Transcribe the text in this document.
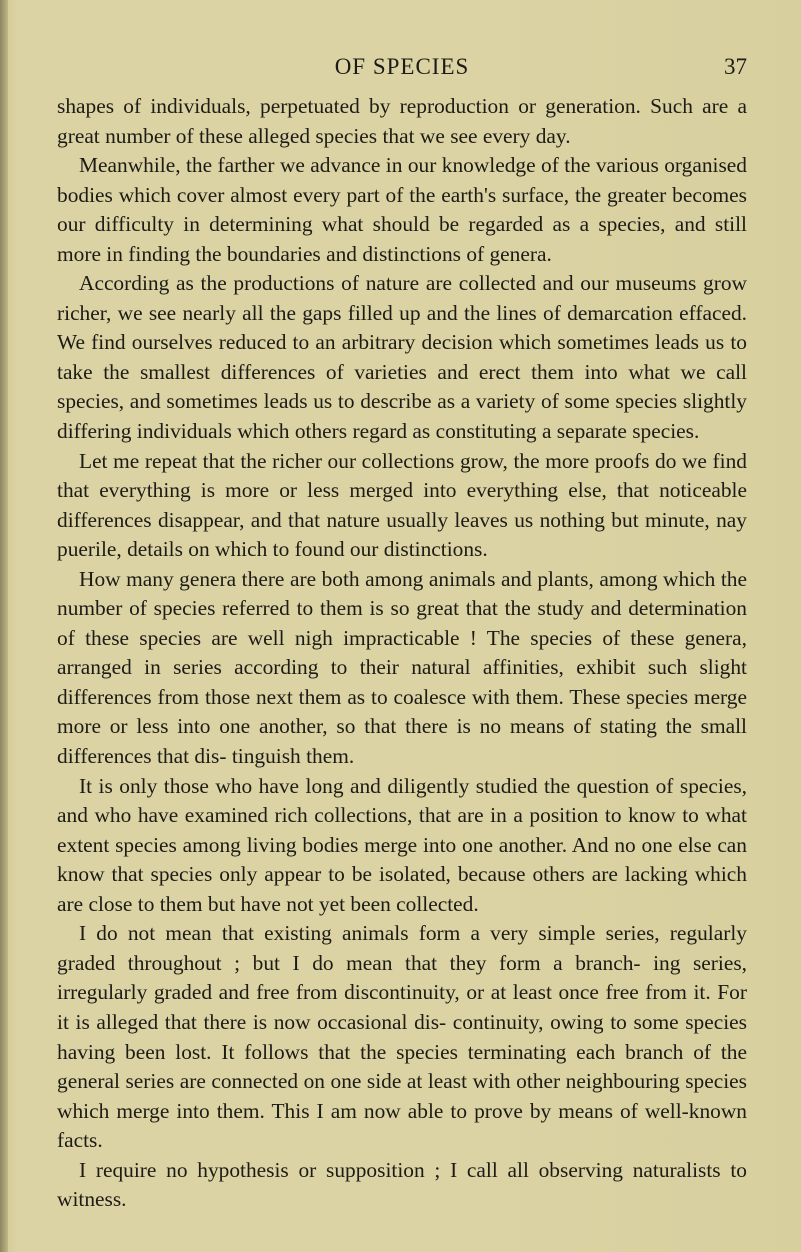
OF SPECIES	37

shapes of individuals, perpetuated by reproduction or generation. Such are a great number of these alleged species that we see every day.

Meanwhile, the farther we advance in our knowledge of the various organised bodies which cover almost every part of the earth's surface, the greater becomes our difficulty in determining what should be regarded as a species, and still more in finding the boundaries and distinctions of genera.

According as the productions of nature are collected and our museums grow richer, we see nearly all the gaps filled up and the lines of demarcation effaced. We find ourselves reduced to an arbitrary decision which sometimes leads us to take the smallest differences of varieties and erect them into what we call species, and sometimes leads us to describe as a variety of some species slightly differing individuals which others regard as constituting a separate species.

Let me repeat that the richer our collections grow, the more proofs do we find that everything is more or less merged into everything else, that noticeable differences disappear, and that nature usually leaves us nothing but minute, nay puerile, details on which to found our distinctions.

How many genera there are both among animals and plants, among which the number of species referred to them is so great that the study and determination of these species are well nigh impracticable ! The species of these genera, arranged in series according to their natural affinities, exhibit such slight differences from those next them as to coalesce with them. These species merge more or less into one another, so that there is no means of stating the small differences that dis- tinguish them.

It is only those who have long and diligently studied the question of species, and who have examined rich collections, that are in a position to know to what extent species among living bodies merge into one another. And no one else can know that species only appear to be isolated, because others are lacking which are close to them but have not yet been collected.

I do not mean that existing animals form a very simple series, regularly graded throughout ; but I do mean that they form a branch- ing series, irregularly graded and free from discontinuity, or at least once free from it. For it is alleged that there is now occasional dis- continuity, owing to some species having been lost. It follows that the species terminating each branch of the general series are connected on one side at least with other neighbouring species which merge into them. This I am now able to prove by means of well-known facts.

I require no hypothesis or supposition ; I call all observing naturalists to witness.
